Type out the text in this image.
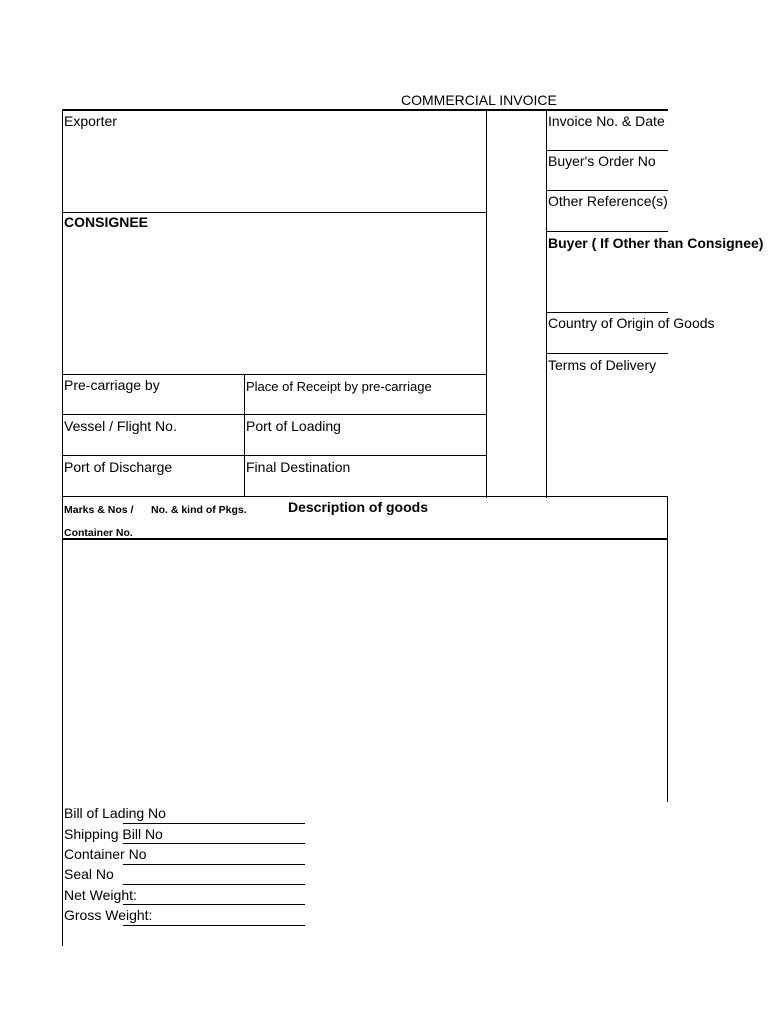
COMMERCIAL INVOICE
Exporter
CONSIGNEE
Invoice No. & Date
Buyer's Order No
Other Reference(s)
Buyer ( If Other than Consignee)
Country of Origin of Goods
Terms of Delivery
Pre-carriage by	Place of Receipt by pre-carriage
Vessel / Flight No.	Port of Loading
Port of Discharge	Final Destination
Marks & Nos / No. & kind of Pkgs.
Container No.
Description of goods
Bill of Lading No
Shipping Bill No
Container No
Seal No
Net Weight:
Gross Weight:
